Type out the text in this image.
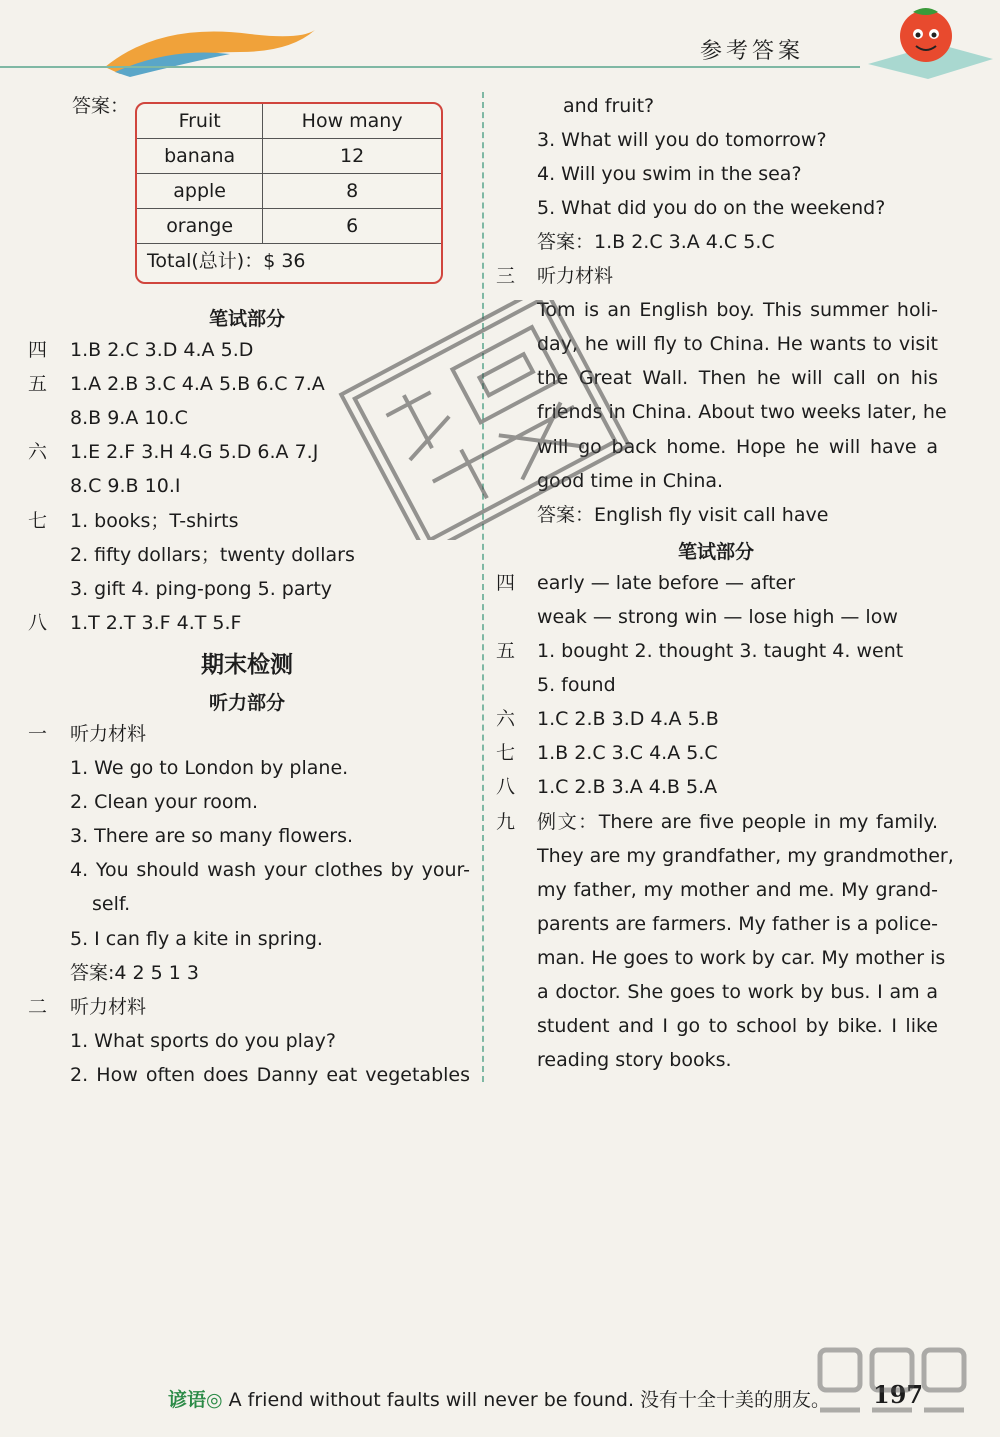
参考答案
答案：
Fruit	How many
banana	12
apple	8
orange	6
Total(总计)：$ 36
笔试部分
四 1.B 2.C 3.D 4.A 5.D
五 1.A 2.B 3.C 4.A 5.B 6.C 7.A
8.B 9.A 10.C
六 1.E 2.F 3.H 4.G 5.D 6.A 7.J
8.C 9.B 10.I
七 1. books；T-shirts
2. fifty dollars；twenty dollars
3. gift 4. ping-pong 5. party
八 1.T 2.T 3.F 4.T 5.F
期末检测
听力部分
一 听力材料
1. We go to London by plane.
2. Clean your room.
3. There are so many flowers.
4. You should wash your clothes by your-
self.
5. I can fly a kite in spring.
答案:4 2 5 1 3
二 听力材料
1. What sports do you play?
2. How often does Danny eat vegetables
and fruit?
3. What will you do tomorrow?
4. Will you swim in the sea?
5. What did you do on the weekend?
答案：1.B 2.C 3.A 4.C 5.C
三 听力材料
Tom is an English boy. This summer holi-
day, he will fly to China. He wants to visit
the Great Wall. Then he will call on his
friends in China. About two weeks later, he
will go back home. Hope he will have a
good time in China.
答案：English fly visit call have
笔试部分
四 early — late before — after
weak — strong win — lose high — low
五 1. bought 2. thought 3. taught 4. went
5. found
六 1.C 2.B 3.D 4.A 5.B
七 1.B 2.C 3.C 4.A 5.C
八 1.C 2.B 3.A 4.B 5.A
九 例文：There are five people in my family.
They are my grandfather, my grandmother,
my father, my mother and me. My grand-
parents are farmers. My father is a police-
man. He goes to work by car. My mother is
a doctor. She goes to work by bus. I am a
student and I go to school by bike. I like
reading story books.
谚语◎ A friend without faults will never be found. 没有十全十美的朋友。 197
